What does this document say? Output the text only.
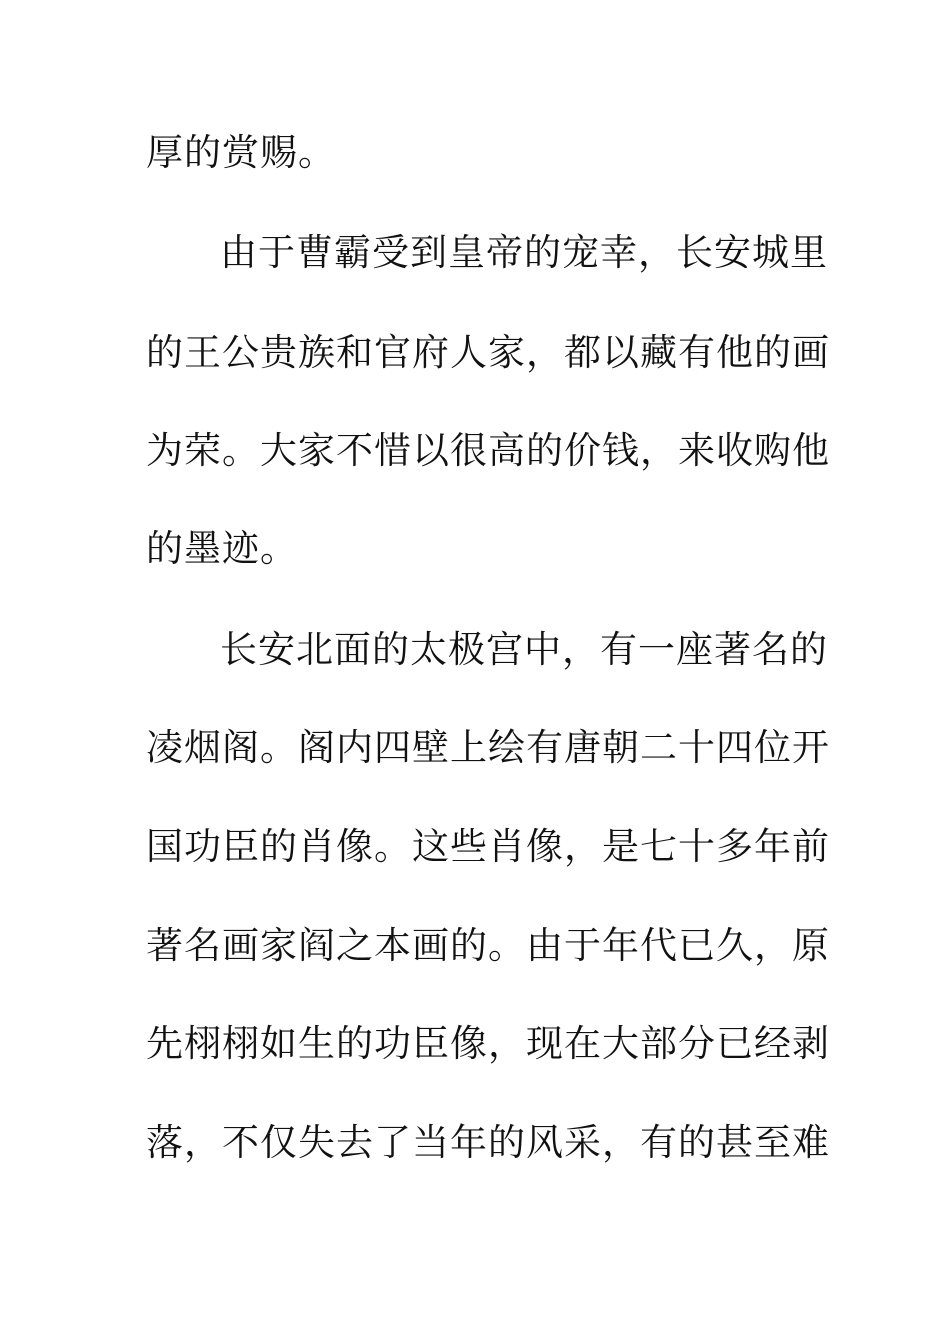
厚的赏赐。
由于曹霸受到皇帝的宠幸，长安城里
的王公贵族和官府人家，都以藏有他的画
为荣。大家不惜以很高的价钱，来收购他
的墨迹。
长安北面的太极宫中，有一座著名的
凌烟阁。阁内四壁上绘有唐朝二十四位开
国功臣的肖像。这些肖像，是七十多年前
著名画家阎之本画的。由于年代已久，原
先栩栩如生的功臣像，现在大部分已经剥
落，不仅失去了当年的风采，有的甚至难
